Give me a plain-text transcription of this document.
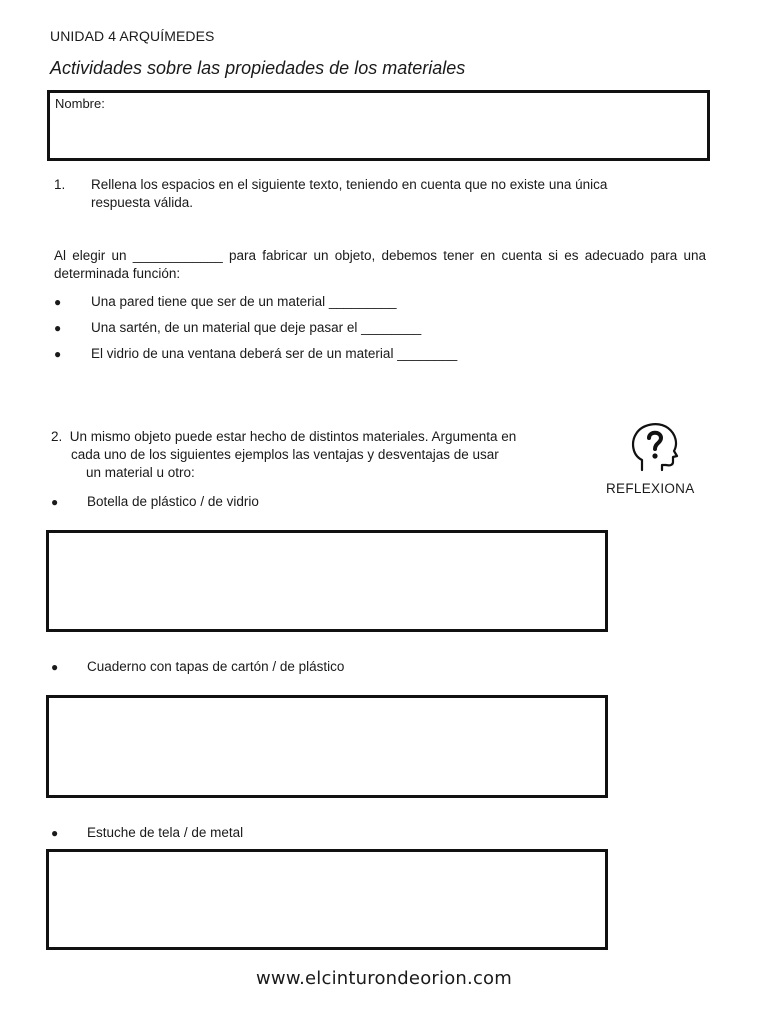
UNIDAD 4 ARQUÍMEDES
Actividades sobre las propiedades de los materiales
Nombre:
1. Rellena los espacios en el siguiente texto, teniendo en cuenta que no existe una única
respuesta válida.
Al elegir un ____________ para fabricar un objeto, debemos tener en cuenta si es adecuado para una determinada función:
● Una pared tiene que ser de un material _________
● Una sartén, de un material que deje pasar el ________
● El vidrio de una ventana deberá ser de un material ________
2. Un mismo objeto puede estar hecho de distintos materiales. Argumenta en
cada uno de los siguientes ejemplos las ventajas y desventajas de usar
un material u otro:
REFLEXIONA
● Botella de plástico / de vidrio
● Cuaderno con tapas de cartón / de plástico
● Estuche de tela / de metal
www.elcinturondeorion.com
